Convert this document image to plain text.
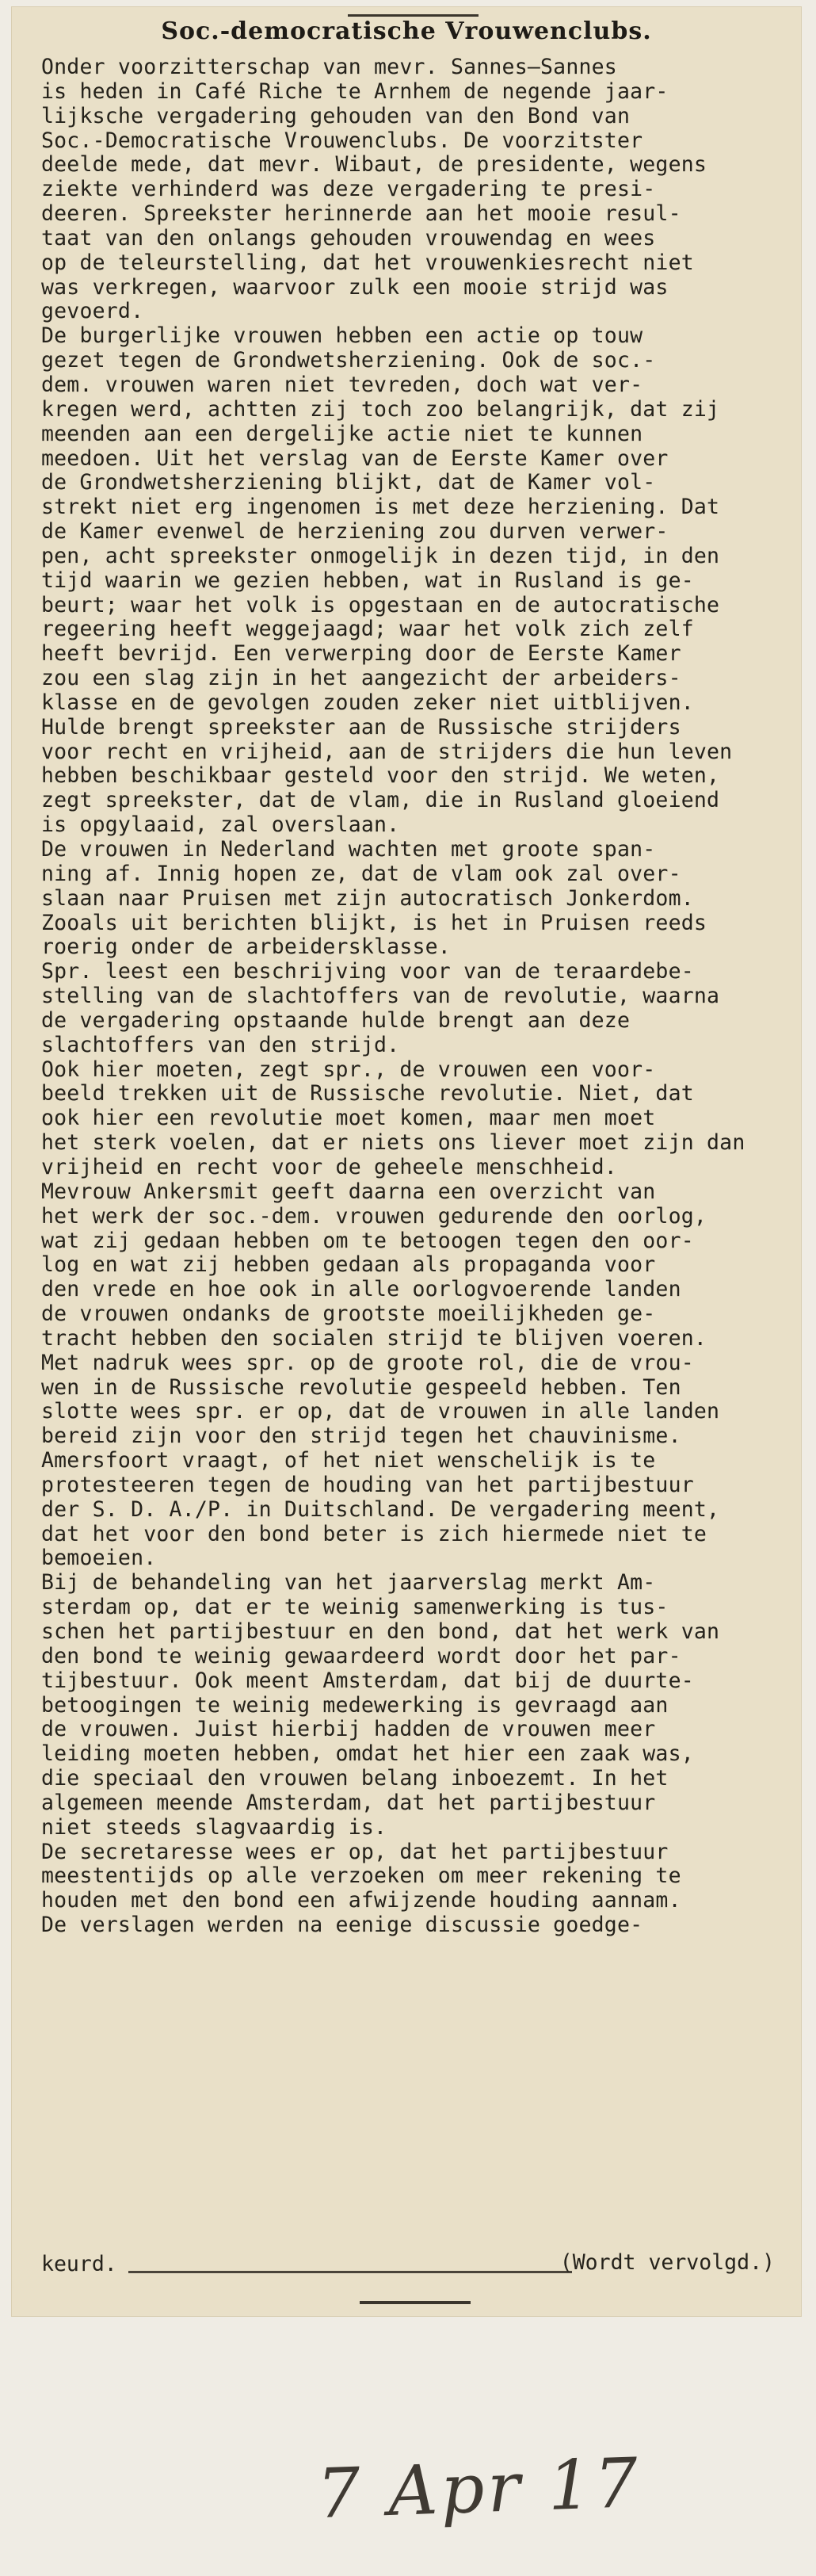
Soc.-democratische Vrouwenclubs.
Onder voorzitterschap van mevr. Sannes—Sannes
is heden in Café Riche te Arnhem de negende jaar-
lijksche vergadering gehouden van den Bond van
Soc.-Democratische Vrouwenclubs. De voorzitster
deelde mede, dat mevr. Wibaut, de presidente, wegens
ziekte verhinderd was deze vergadering te presi-
deeren. Spreekster herinnerde aan het mooie resul-
taat van den onlangs gehouden vrouwendag en wees
op de teleurstelling, dat het vrouwenkiesrecht niet
was verkregen, waarvoor zulk een mooie strijd was
gevoerd.
De burgerlijke vrouwen hebben een actie op touw
gezet tegen de Grondwetsherziening. Ook de soc.-
dem. vrouwen waren niet tevreden, doch wat ver-
kregen werd, achtten zij toch zoo belangrijk, dat zij
meenden aan een dergelijke actie niet te kunnen
meedoen. Uit het verslag van de Eerste Kamer over
de Grondwetsherziening blijkt, dat de Kamer vol-
strekt niet erg ingenomen is met deze herziening. Dat
de Kamer evenwel de herziening zou durven verwer-
pen, acht spreekster onmogelijk in dezen tijd, in den
tijd waarin we gezien hebben, wat in Rusland is ge-
beurt; waar het volk is opgestaan en de autocratische
regeering heeft weggejaagd; waar het volk zich zelf
heeft bevrijd. Een verwerping door de Eerste Kamer
zou een slag zijn in het aangezicht der arbeiders-
klasse en de gevolgen zouden zeker niet uitblijven.
Hulde brengt spreekster aan de Russische strijders
voor recht en vrijheid, aan de strijders die hun leven
hebben beschikbaar gesteld voor den strijd. We weten,
zegt spreekster, dat de vlam, die in Rusland gloeiend
is opgylaaid, zal overslaan.
De vrouwen in Nederland wachten met groote span-
ning af. Innig hopen ze, dat de vlam ook zal over-
slaan naar Pruisen met zijn autocratisch Jonkerdom.
Zooals uit berichten blijkt, is het in Pruisen reeds
roerig onder de arbeidersklasse.
Spr. leest een beschrijving voor van de teraardebe-
stelling van de slachtoffers van de revolutie, waarna
de vergadering opstaande hulde brengt aan deze
slachtoffers van den strijd.
Ook hier moeten, zegt spr., de vrouwen een voor-
beeld trekken uit de Russische revolutie. Niet, dat
ook hier een revolutie moet komen, maar men moet
het sterk voelen, dat er niets ons liever moet zijn dan
vrijheid en recht voor de geheele menschheid.
Mevrouw Ankersmit geeft daarna een overzicht van
het werk der soc.-dem. vrouwen gedurende den oorlog,
wat zij gedaan hebben om te betoogen tegen den oor-
log en wat zij hebben gedaan als propaganda voor
den vrede en hoe ook in alle oorlogvoerende landen
de vrouwen ondanks de grootste moeilijkheden ge-
tracht hebben den socialen strijd te blijven voeren.
Met nadruk wees spr. op de groote rol, die de vrou-
wen in de Russische revolutie gespeeld hebben. Ten
slotte wees spr. er op, dat de vrouwen in alle landen
bereid zijn voor den strijd tegen het chauvinisme.
Amersfoort vraagt, of het niet wenschelijk is te
protesteeren tegen de houding van het partijbestuur
der S. D. A./P. in Duitschland. De vergadering meent,
dat het voor den bond beter is zich hiermede niet te
bemoeien.
Bij de behandeling van het jaarverslag merkt Am-
sterdam op, dat er te weinig samenwerking is tus-
schen het partijbestuur en den bond, dat het werk van
den bond te weinig gewaardeerd wordt door het par-
tijbestuur. Ook meent Amsterdam, dat bij de duurte-
betoogingen te weinig medewerking is gevraagd aan
de vrouwen. Juist hierbij hadden de vrouwen meer
leiding moeten hebben, omdat het hier een zaak was,
die speciaal den vrouwen belang inboezemt. In het
algemeen meende Amsterdam, dat het partijbestuur
niet steeds slagvaardig is.
De secretaresse wees er op, dat het partijbestuur
meestentijds op alle verzoeken om meer rekening te
houden met den bond een afwijzende houding aannam.
De verslagen werden na eenige discussie goedge-
keurd.	(Wordt vervolgd.)
7 Apr 17
